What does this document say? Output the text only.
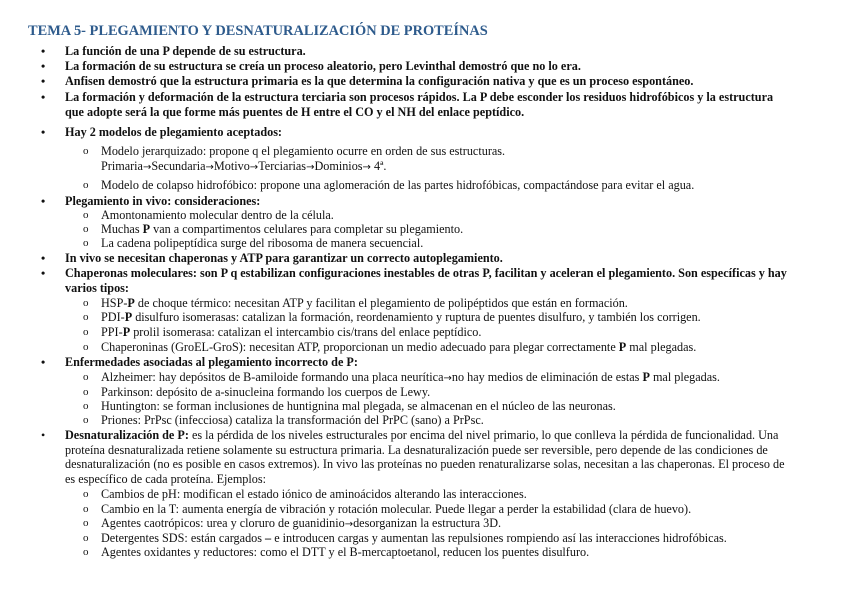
TEMA 5- PLEGAMIENTO Y DESNATURALIZACIÓN DE PROTEÍNAS
• La función de una P depende de su estructura.
• La formación de su estructura se creía un proceso aleatorio, pero Levinthal demostró que no lo era.
• Anfisen demostró que la estructura primaria es la que determina la configuración nativa y que es un proceso espontáneo.
• La formación y deformación de la estructura terciaria son procesos rápidos. La P debe esconder los residuos hidrofóbicos y la estructura
que adopte será la que forme más puentes de H entre el CO y el NH del enlace peptídico.
• Hay 2 modelos de plegamiento aceptados:
o Modelo jerarquizado: propone q el plegamiento ocurre en orden de sus estructuras.
Primaria→Secundaria→Motivo→Terciarias→Dominios→ 4ª.
o Modelo de colapso hidrofóbico: propone una aglomeración de las partes hidrofóbicas, compactándose para evitar el agua.
• Plegamiento in vivo: consideraciones:
o Amontonamiento molecular dentro de la célula.
o Muchas P van a compartimentos celulares para completar su plegamiento.
o La cadena polipeptídica surge del ribosoma de manera secuencial.
• In vivo se necesitan chaperonas y ATP para garantizar un correcto autoplegamiento.
• Chaperonas moleculares: son P q estabilizan configuraciones inestables de otras P, facilitan y aceleran el plegamiento. Son específicas y hay
varios tipos:
o HSP-P de choque térmico: necesitan ATP y facilitan el plegamiento de polipéptidos que están en formación.
o PDI-P disulfuro isomerasas: catalizan la formación, reordenamiento y ruptura de puentes disulfuro, y también los corrigen.
o PPI-P prolil isomerasa: catalizan el intercambio cis/trans del enlace peptídico.
o Chaperoninas (GroEL-GroS): necesitan ATP, proporcionan un medio adecuado para plegar correctamente P mal plegadas.
• Enfermedades asociadas al plegamiento incorrecto de P:
o Alzheimer: hay depósitos de B-amiloide formando una placa neurítica→no hay medios de eliminación de estas P mal plegadas.
o Parkinson: depósito de a-sinucleina formando los cuerpos de Lewy.
o Huntington: se forman inclusiones de huntignina mal plegada, se almacenan en el núcleo de las neuronas.
o Priones: PrPsc (infecciosa) cataliza la transformación del PrPC (sano) a PrPsc.
• Desnaturalización de P: es la pérdida de los niveles estructurales por encima del nivel primario, lo que conlleva la pérdida de funcionalidad. Una
proteína desnaturalizada retiene solamente su estructura primaria. La desnaturalización puede ser reversible, pero depende de las condiciones de
desnaturalización (no es posible en casos extremos). In vivo las proteínas no pueden renaturalizarse solas, necesitan a las chaperonas. El proceso de
es específico de cada proteína. Ejemplos:
o Cambios de pH: modifican el estado iónico de aminoácidos alterando las interacciones.
o Cambio en la T: aumenta energía de vibración y rotación molecular. Puede llegar a perder la estabilidad (clara de huevo).
o Agentes caotrópicos: urea y cloruro de guanidinio→desorganizan la estructura 3D.
o Detergentes SDS: están cargados – e introducen cargas y aumentan las repulsiones rompiendo así las interacciones hidrofóbicas.
o Agentes oxidantes y reductores: como el DTT y el B-mercaptoetanol, reducen los puentes disulfuro.
